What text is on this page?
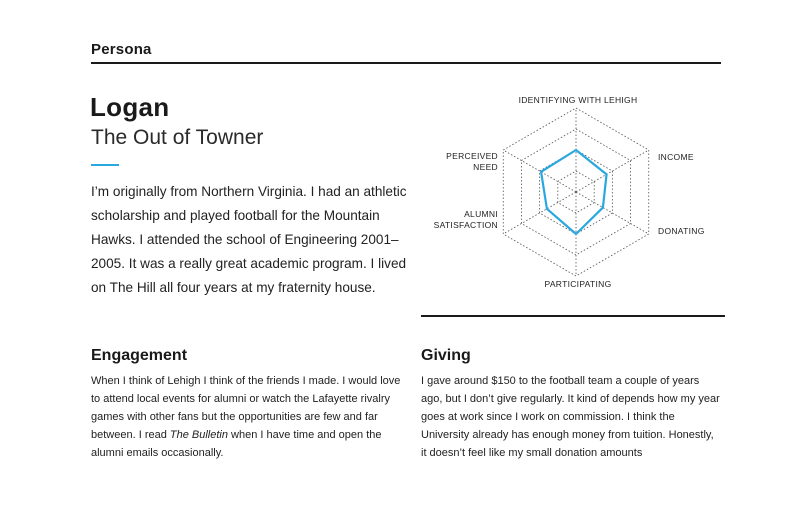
Persona
Logan
The Out of Towner
I’m originally from Northern Virginia. I had an athletic scholarship and played football for the Mountain Hawks. I attended the school of Engineering 2001–2005. It was a really great academic program. I lived on The Hill all four years at my fraternity house.
IDENTIFYING WITH LEHIGH
INCOME
DONATING
PARTICIPATING
ALUMNI SATISFACTION
PERCEIVED NEED
Engagement
When I think of Lehigh I think of the friends I made. I would love to attend local events for alumni or watch the Lafayette rivalry games with other fans but the opportunities are few and far between. I read The Bulletin when I have time and open the alumni emails occasionally.
Giving
I gave around $150 to the football team a couple of years ago, but I don’t give regularly. It kind of depends how my year goes at work since I work on commission. I think the University already has enough money from tuition. Honestly, it doesn’t feel like my small donation amounts
